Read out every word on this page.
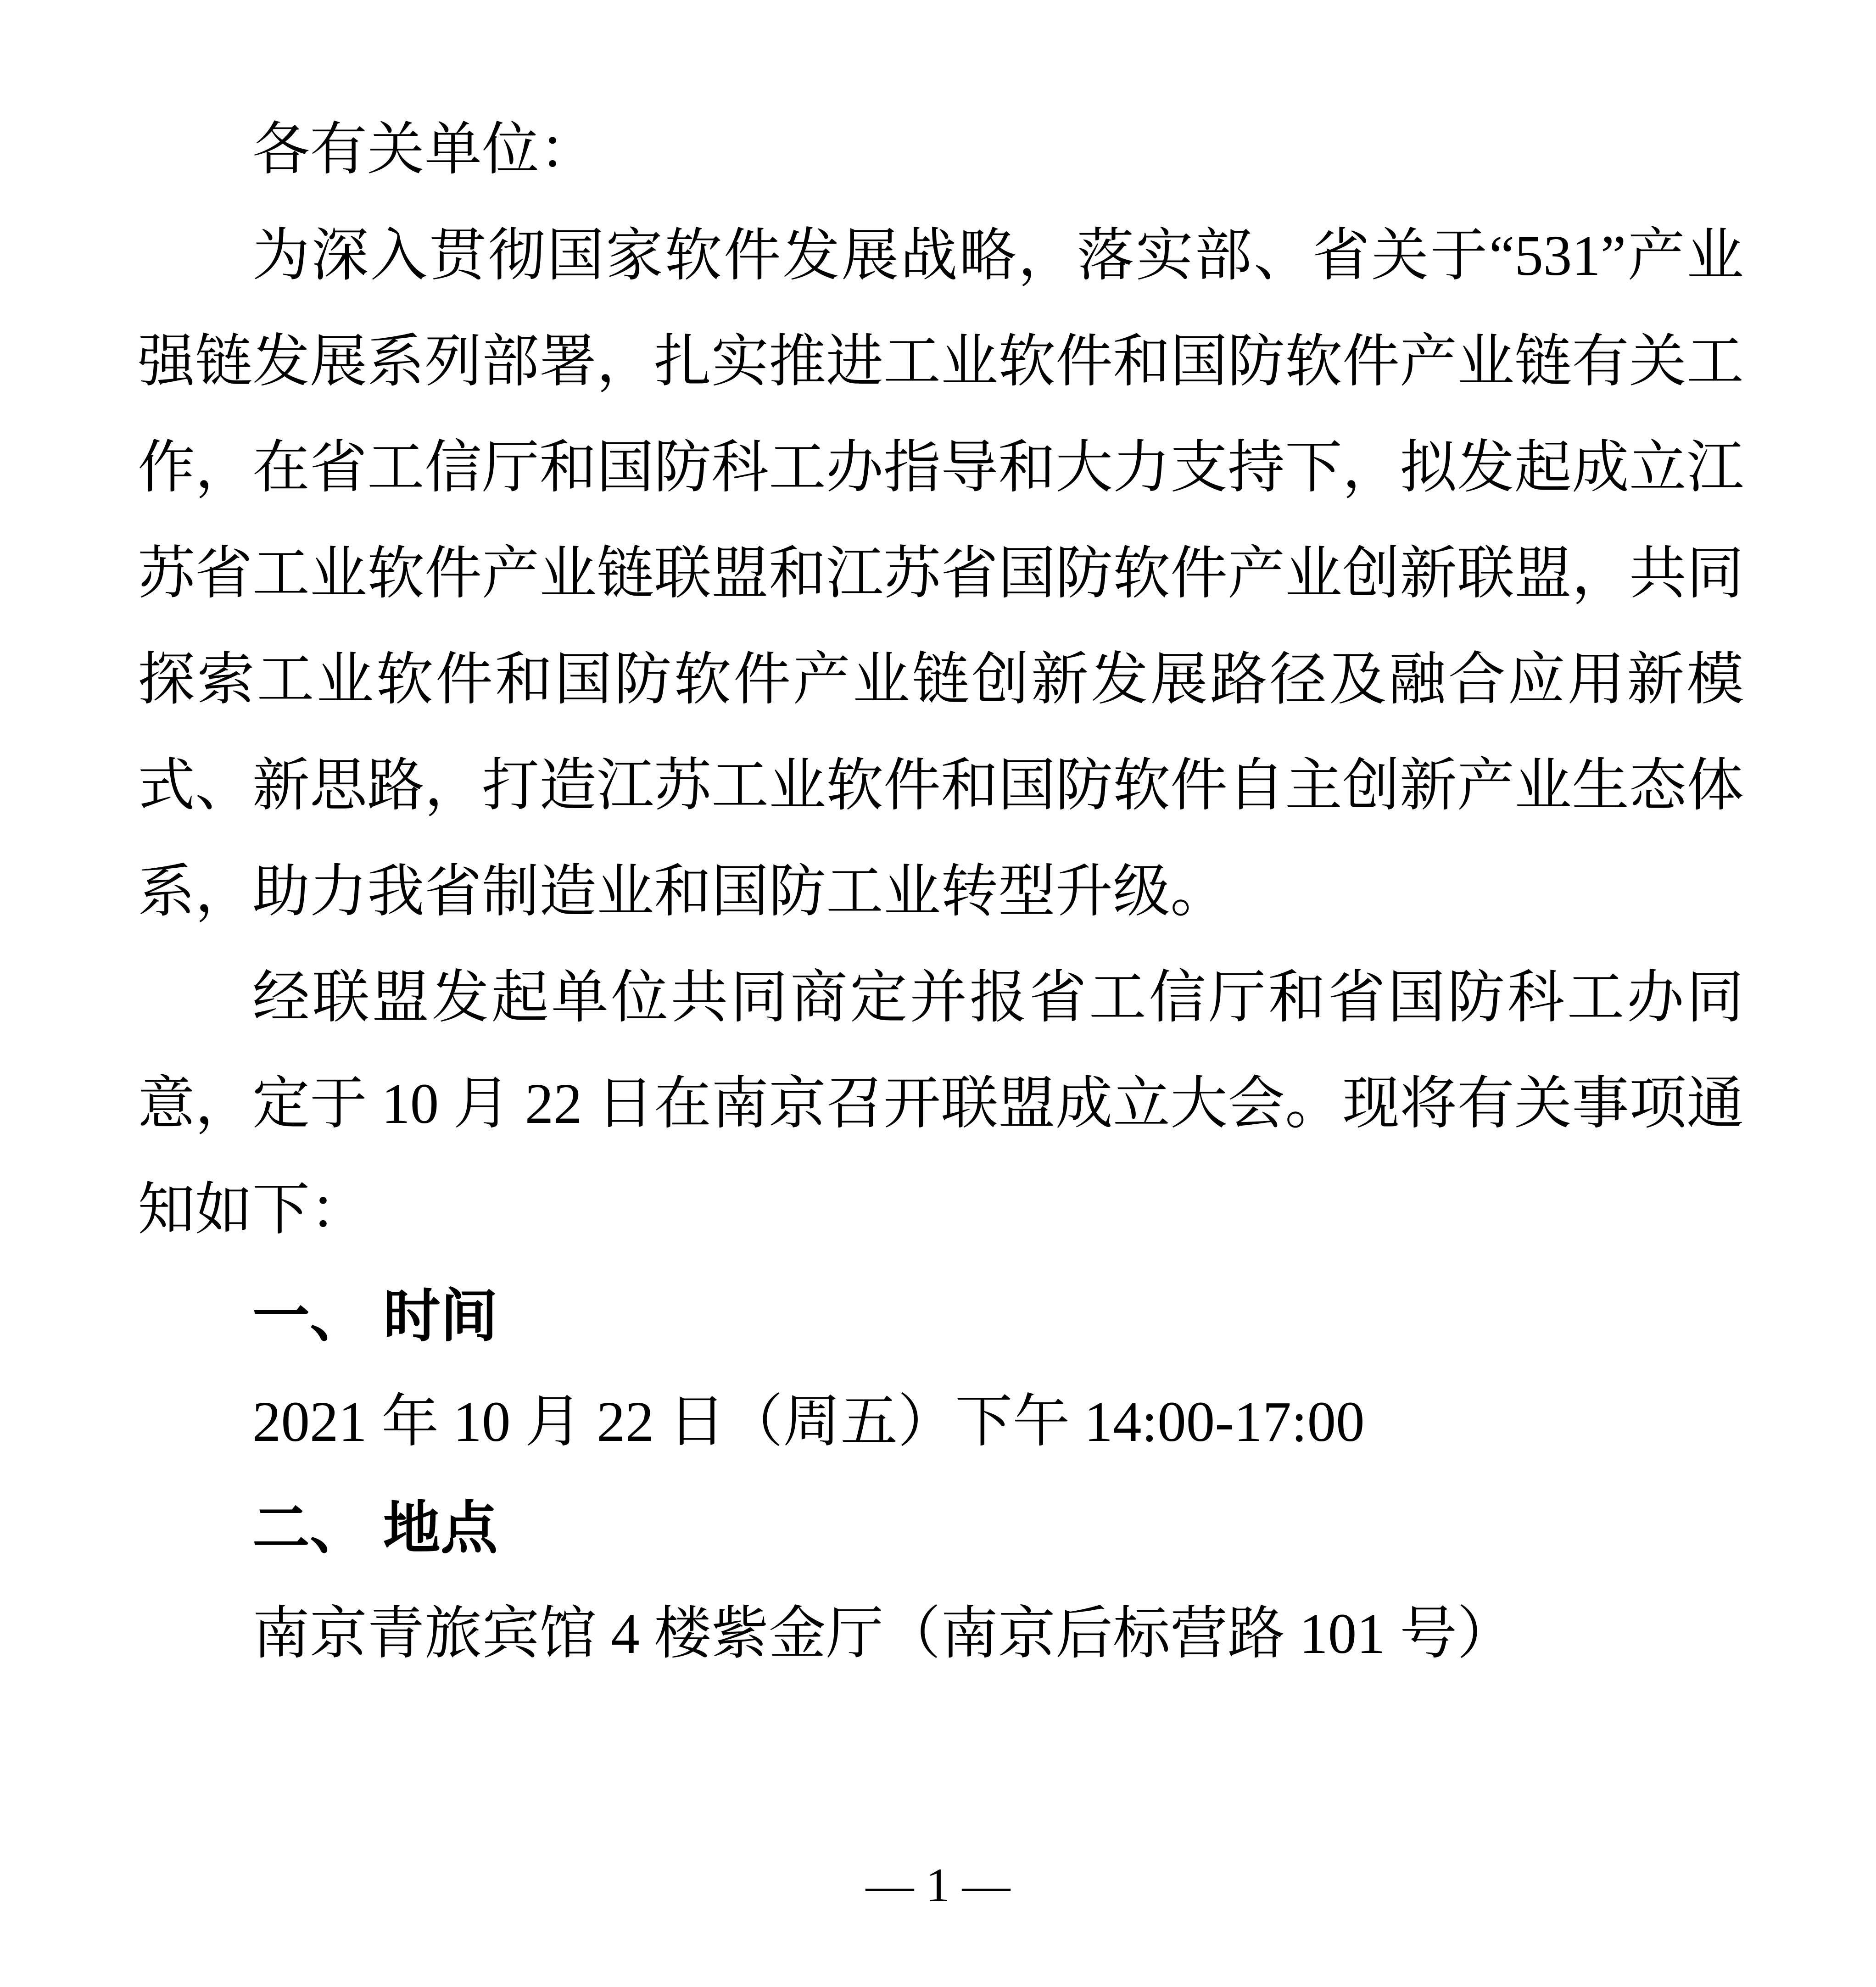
各有关单位：

为深入贯彻国家软件发展战略，落实部、省关于“531”产业强链发展系列部署，扎实推进工业软件和国防软件产业链有关工作，在省工信厅和国防科工办指导和大力支持下，拟发起成立江苏省工业软件产业链联盟和江苏省国防软件产业创新联盟，共同探索工业软件和国防软件产业链创新发展路径及融合应用新模式、新思路，打造江苏工业软件和国防软件自主创新产业生态体系，助力我省制造业和国防工业转型升级。

经联盟发起单位共同商定并报省工信厅和省国防科工办同意，定于 10 月 22 日在南京召开联盟成立大会。现将有关事项通知如下：

一、 时间

2021 年 10 月 22 日（周五）下午 14:00-17:00

二、 地点

南京青旅宾馆 4 楼紫金厅（南京后标营路 101 号）

— 1 —
